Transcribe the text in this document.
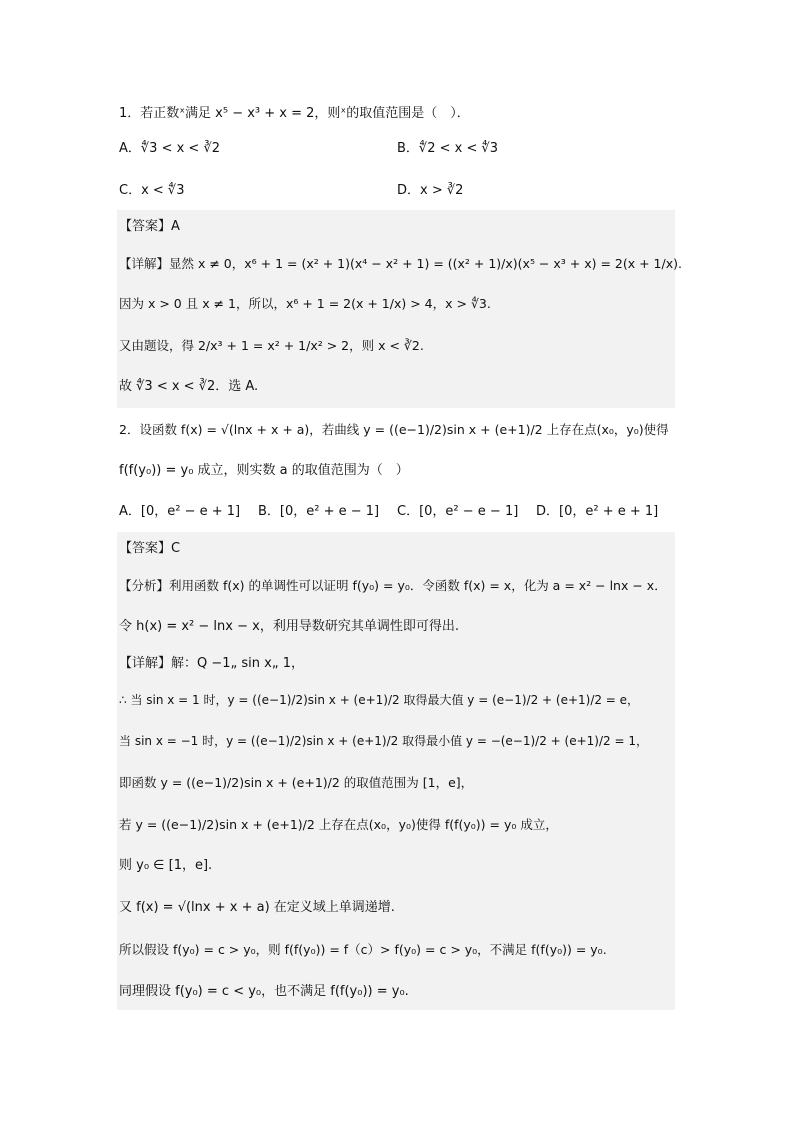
1．若正数ˣ满足 x⁵ − x³ + x = 2，则ˣ的取值范围是（　）．
A．∜3 < x < ∛2	B．∜2 < x < ∜3
C．x < ∜3	D．x > ∛2
【答案】A
【详解】显然 x ≠ 0，x⁶ + 1 = (x² + 1)(x⁴ − x² + 1) = ((x² + 1)/x)(x⁵ − x³ + x) = 2(x + 1/x).
因为 x > 0 且 x ≠ 1，所以，x⁶ + 1 = 2(x + 1/x) > 4，x > ∜3.
又由题设，得 2/x³ + 1 = x² + 1/x² > 2，则 x < ∛2.
故 ∜3 < x < ∛2．选 A.
2．设函数 f(x) = √(lnx + x + a)，若曲线 y = ((e−1)/2)sin x + (e+1)/2 上存在点(x₀，y₀)使得
f(f(y₀)) = y₀ 成立，则实数 a 的取值范围为（　）
A．[0，e² − e + 1] B．[0，e² + e − 1] C．[0，e² − e − 1] D．[0，e² + e + 1]
【答案】C
【分析】利用函数 f(x) 的单调性可以证明 f(y₀) = y₀．令函数 f(x) = x，化为 a = x² − lnx − x．
令 h(x) = x² − lnx − x，利用导数研究其单调性即可得出.
【详解】解：Q −1„ sin x„ 1，
∴ 当 sin x = 1 时，y = ((e−1)/2)sin x + (e+1)/2 取得最大值 y = (e−1)/2 + (e+1)/2 = e，
当 sin x = −1 时，y = ((e−1)/2)sin x + (e+1)/2 取得最小值 y = −(e−1)/2 + (e+1)/2 = 1，
即函数 y = ((e−1)/2)sin x + (e+1)/2 的取值范围为 [1，e]，
若 y = ((e−1)/2)sin x + (e+1)/2 上存在点(x₀，y₀)使得 f(f(y₀)) = y₀ 成立，
则 y₀ ∈ [1，e].
又 f(x) = √(lnx + x + a) 在定义域上单调递增.
所以假设 f(y₀) = c > y₀，则 f(f(y₀)) = f（c）> f(y₀) = c > y₀，不满足 f(f(y₀)) = y₀.
同理假设 f(y₀) = c < y₀，也不满足 f(f(y₀)) = y₀.
